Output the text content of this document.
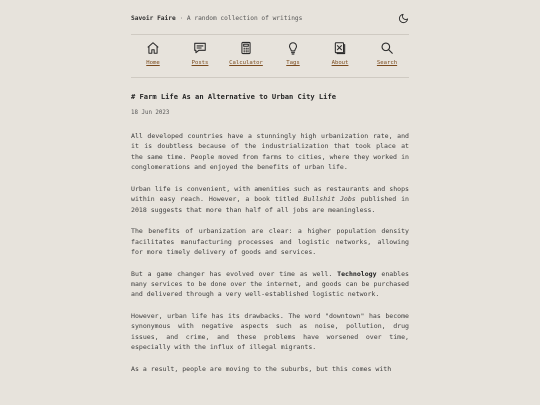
Savoir Faire · A random collection of writings
Home	Posts	Calculator	Tags	About	Search
# Farm Life As an Alternative to Urban City Life
18 Jun 2023

All developed countries have a stunningly high urbanization rate, and it is doubtless because of the industrialization that took place at the same time. People moved from farms to cities, where they worked in conglomerations and enjoyed the benefits of urban life.

Urban life is convenient, with amenities such as restaurants and shops within easy reach. However, a book titled Bullshit Jobs published in 2018 suggests that more than half of all jobs are meaningless.

The benefits of urbanization are clear: a higher population density facilitates manufacturing processes and logistic networks, allowing for more timely delivery of goods and services.

But a game changer has evolved over time as well. Technology enables many services to be done over the internet, and goods can be purchased and delivered through a very well-established logistic network.

However, urban life has its drawbacks. The word "downtown" has become synonymous with negative aspects such as noise, pollution, drug issues, and crime, and these problems have worsened over time, especially with the influx of illegal migrants.

As a result, people are moving to the suburbs, but this comes with
